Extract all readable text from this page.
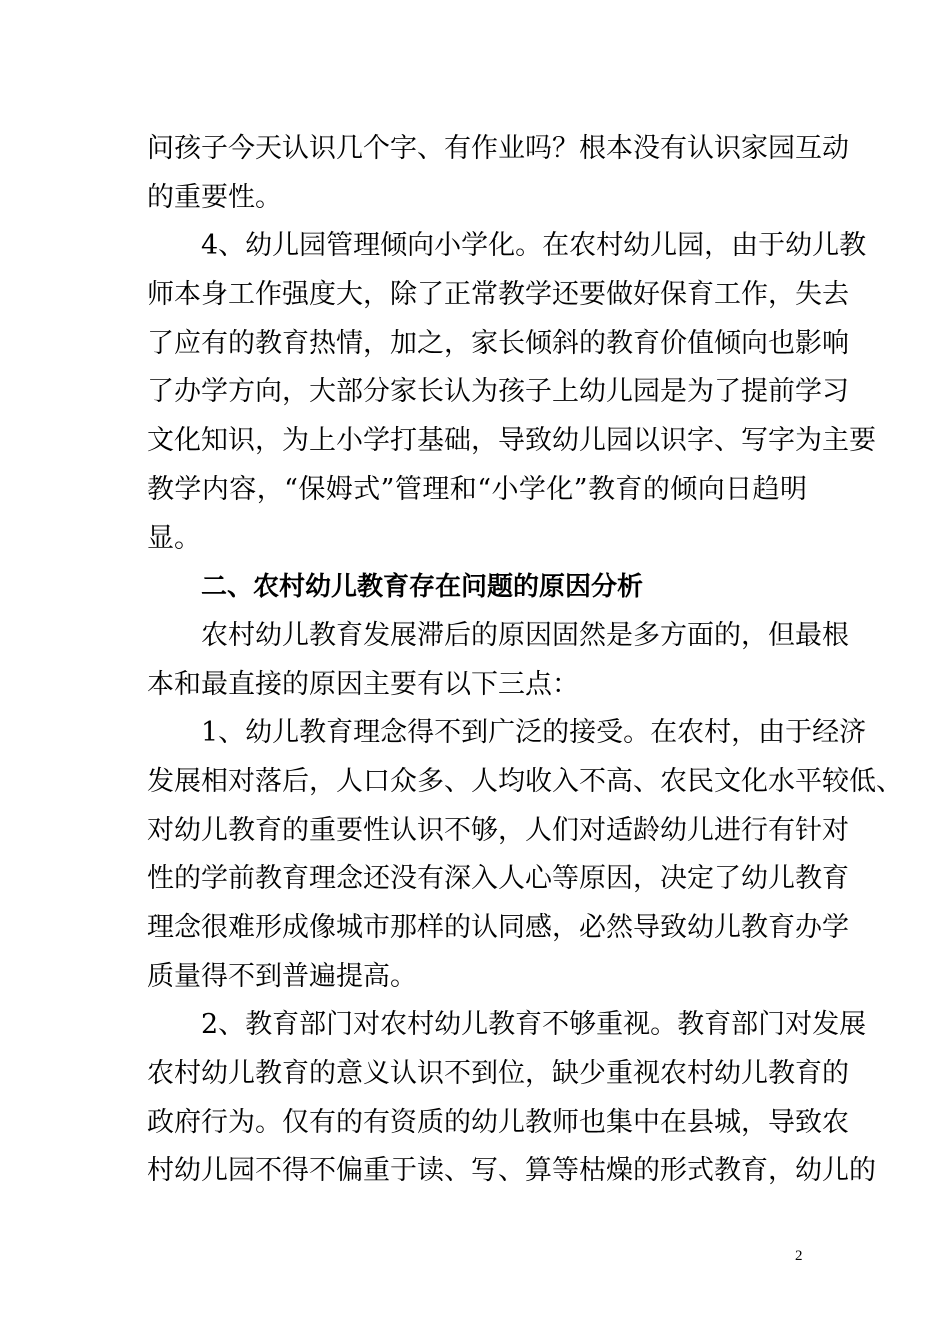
问孩子今天认识几个字、有作业吗？根本没有认识家园互动
的重要性。
4、幼儿园管理倾向小学化。在农村幼儿园，由于幼儿教
师本身工作强度大，除了正常教学还要做好保育工作，失去
了应有的教育热情，加之，家长倾斜的教育价值倾向也影响
了办学方向，大部分家长认为孩子上幼儿园是为了提前学习
文化知识，为上小学打基础，导致幼儿园以识字、写字为主要
教学内容，“保姆式”管理和“小学化”教育的倾向日趋明
显。
二、农村幼儿教育存在问题的原因分析
农村幼儿教育发展滞后的原因固然是多方面的，但最根
本和最直接的原因主要有以下三点：
1、幼儿教育理念得不到广泛的接受。在农村，由于经济
发展相对落后，人口众多、人均收入不高、农民文化水平较低、
对幼儿教育的重要性认识不够，人们对适龄幼儿进行有针对
性的学前教育理念还没有深入人心等原因，决定了幼儿教育
理念很难形成像城市那样的认同感，必然导致幼儿教育办学
质量得不到普遍提高。
2、教育部门对农村幼儿教育不够重视。教育部门对发展
农村幼儿教育的意义认识不到位，缺少重视农村幼儿教育的
政府行为。仅有的有资质的幼儿教师也集中在县城，导致农
村幼儿园不得不偏重于读、写、算等枯燥的形式教育，幼儿的
2
